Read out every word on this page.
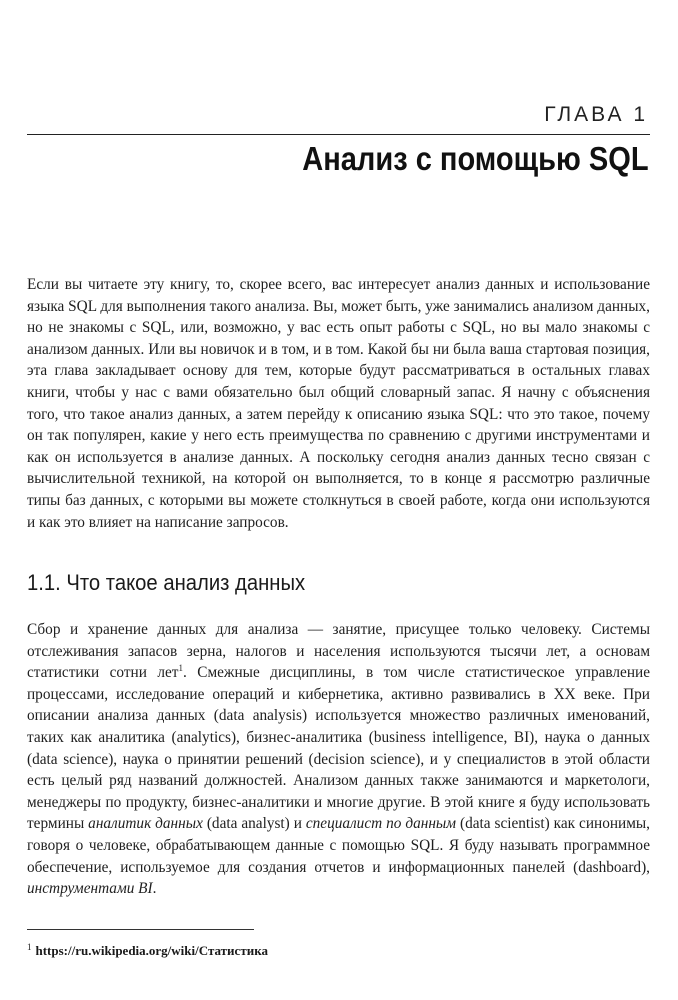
ГЛАВА 1
Анализ с помощью SQL

Если вы читаете эту книгу, то, скорее всего, вас интересует анализ данных и использование языка SQL для выполнения такого анализа. Вы, может быть, уже занимались анализом данных, но не знакомы с SQL, или, возможно, у вас есть опыт работы с SQL, но вы мало знакомы с анализом данных. Или вы новичок и в том, и в том. Какой бы ни была ваша стартовая позиция, эта глава закладывает основу для тем, которые будут рассматриваться в остальных главах книги, чтобы у нас с вами обязательно был общий словарный запас. Я начну с объяснения того, что такое анализ данных, а затем перейду к описанию языка SQL: что это такое, почему он так популярен, какие у него есть преимущества по сравнению с другими инструментами и как он используется в анализе данных. А поскольку сегодня анализ данных тесно связан с вычислительной техникой, на которой он выполняется, то в конце я рассмотрю различные типы баз данных, с которыми вы можете столкнуться в своей работе, когда они используются и как это влияет на написание запросов.

1.1. Что такое анализ данных

Сбор и хранение данных для анализа — занятие, присущее только человеку. Системы отслеживания запасов зерна, налогов и населения используются тысячи лет, а основам статистики сотни лет$^1$. Смежные дисциплины, в том числе статистическое управление процессами, исследование операций и кибернетика, активно развивались в XX веке. При описании анализа данных (data analysis) используется множество различных именований, таких как аналитика (analytics), бизнес-аналитика (business intelligence, BI), наука о данных (data science), наука о принятии решений (decision science), и у специалистов в этой области есть целый ряд названий должностей. Анализом данных также занимаются и маркетологи, менеджеры по продукту, бизнес-аналитики и многие другие. В этой книге я буду использовать термины аналитик данных (data analyst) и специалист по данным (data scientist) как синонимы, говоря о человеке, обрабатывающем данные с помощью SQL. Я буду называть программное обеспечение, используемое для создания отчетов и информационных панелей (dashboard), инструментами BI.

$^1$ https://ru.wikipedia.org/wiki/Статистика
